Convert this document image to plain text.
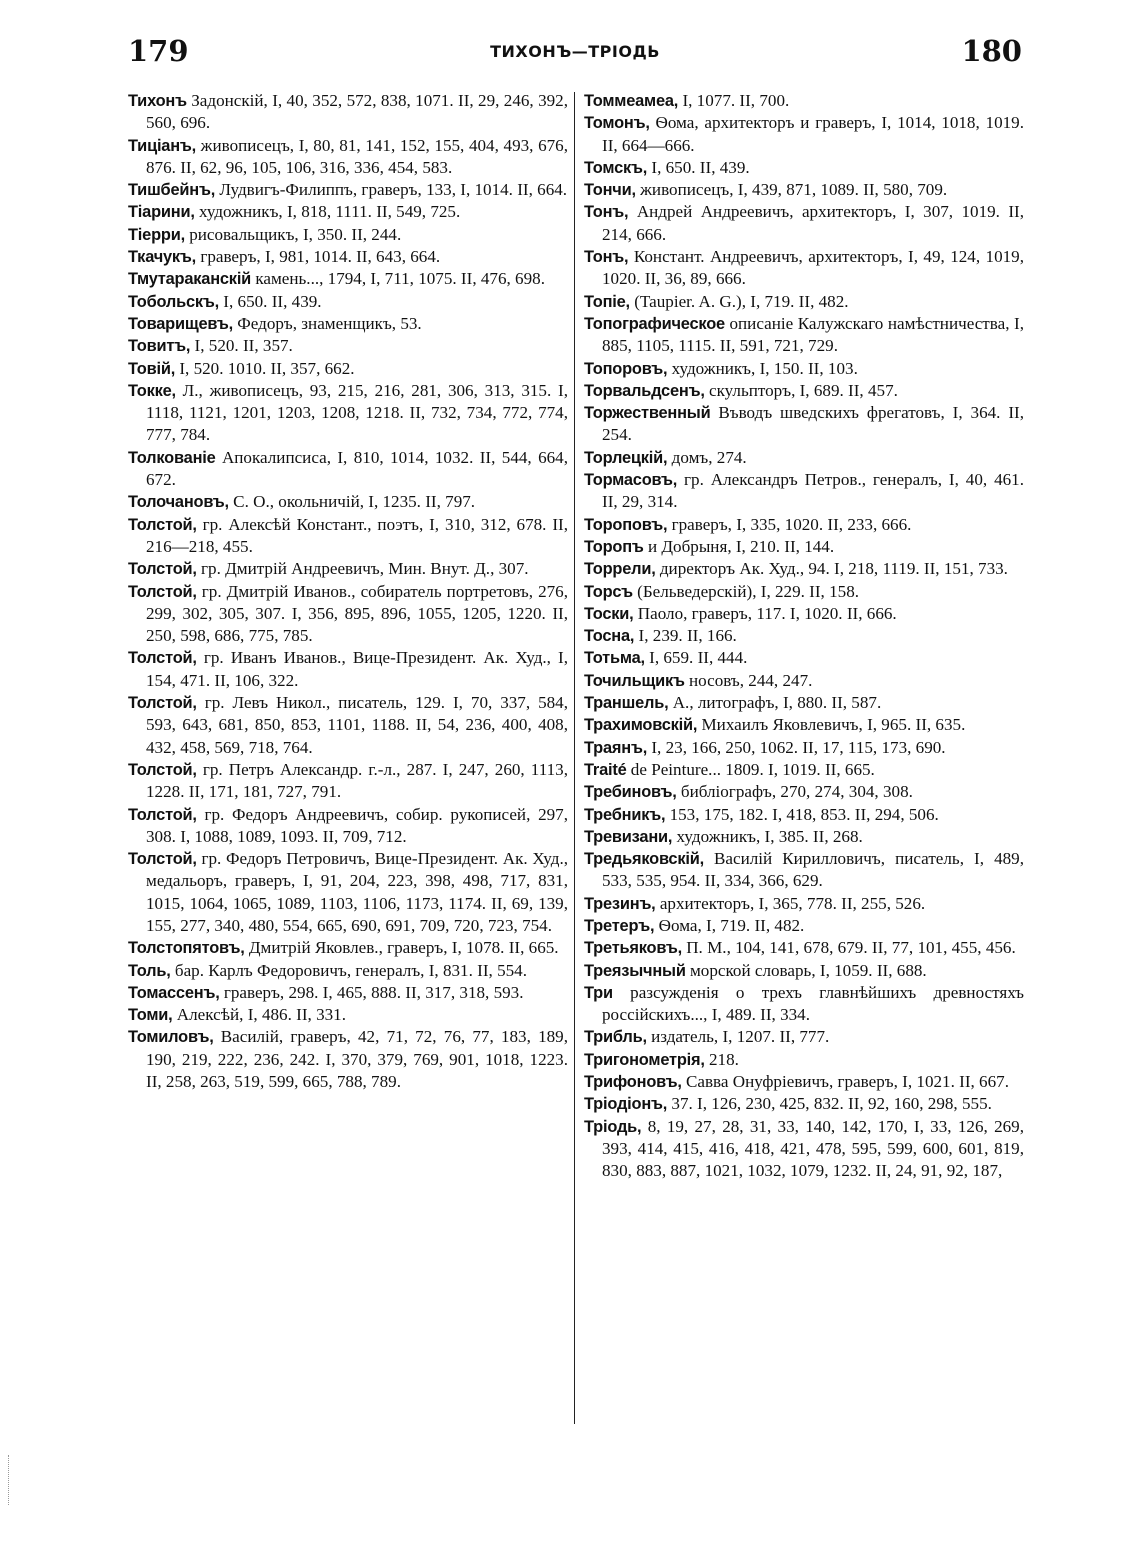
179	ТИХОНЪ—ТРІОДЬ	180
Тихонъ Задонскій, I, 40, 352, 572, 838, 1071. II, 29, 246, 392, 560, 696.
Тиціанъ, живописецъ, I, 80, 81, 141, 152, 155, 404, 493, 676, 876. II, 62, 96, 105, 106, 316, 336, 454, 583.
Тишбейнъ, Лудвигъ-Филиппъ, граверъ, 133, I, 1014. II, 664.
Тіарини, художникъ, I, 818, 1111. II, 549, 725.
Тіерри, рисовальщикъ, I, 350. II, 244.
Ткачукъ, граверъ, I, 981, 1014. II, 643, 664.
Тмутараканскій камень..., 1794, I, 711, 1075. II, 476, 698.
Тобольскъ, I, 650. II, 439.
Товарищевъ, Федоръ, знаменщикъ, 53.
Товитъ, I, 520. II, 357.
Товій, I, 520. 1010. II, 357, 662.
Токке, Л., живописецъ, 93, 215, 216, 281, 306, 313, 315. I, 1118, 1121, 1201, 1203, 1208, 1218. II, 732, 734, 772, 774, 777, 784.
Толкованіе Апокалипсиса, I, 810, 1014, 1032. II, 544, 664, 672.
Толочановъ, С. О., окольничій, I, 1235. II, 797.
Толстой, гр. Алексѣй Констант., поэтъ, I, 310, 312, 678. II, 216—218, 455.
Толстой, гр. Дмитрій Андреевичъ, Мин. Внут. Д., 307.
Толстой, гр. Дмитрій Иванов., собиратель портретовъ, 276, 299, 302, 305, 307. I, 356, 895, 896, 1055, 1205, 1220. II, 250, 598, 686, 775, 785.
Толстой, гр. Иванъ Иванов., Вице-Президент. Ак. Худ., I, 154, 471. II, 106, 322.
Толстой, гр. Левъ Никол., писатель, 129. I, 70, 337, 584, 593, 643, 681, 850, 853, 1101, 1188. II, 54, 236, 400, 408, 432, 458, 569, 718, 764.
Толстой, гр. Петръ Александр. г.-л., 287. I, 247, 260, 1113, 1228. II, 171, 181, 727, 791.
Толстой, гр. Федоръ Андреевичъ, собир. рукописей, 297, 308. I, 1088, 1089, 1093. II, 709, 712.
Толстой, гр. Федоръ Петровичъ, Вице-Президент. Ак. Худ., медальоръ, граверъ, I, 91, 204, 223, 398, 498, 717, 831, 1015, 1064, 1065, 1089, 1103, 1106, 1173, 1174. II, 69, 139, 155, 277, 340, 480, 554, 665, 690, 691, 709, 720, 723, 754.
Толстопятовъ, Дмитрій Яковлев., граверъ, I, 1078. II, 665.
Толь, бар. Карлъ Федоровичъ, генералъ, I, 831. II, 554.
Томассенъ, граверъ, 298. I, 465, 888. II, 317, 318, 593.
Томи, Алексѣй, I, 486. II, 331.
Томиловъ, Василій, граверъ, 42, 71, 72, 76, 77, 183, 189, 190, 219, 222, 236, 242. I, 370, 379, 769, 901, 1018, 1223. II, 258, 263, 519, 599, 665, 788, 789.
Томмеамеа, I, 1077. II, 700.
Томонъ, Ѳома, архитекторъ и граверъ, I, 1014, 1018, 1019. II, 664—666.
Томскъ, I, 650. II, 439.
Тончи, живописецъ, I, 439, 871, 1089. II, 580, 709.
Тонъ, Андрей Андреевичъ, архитекторъ, I, 307, 1019. II, 214, 666.
Тонъ, Констант. Андреевичъ, архитекторъ, I, 49, 124, 1019, 1020. II, 36, 89, 666.
Топіе, (Taupier. A. G.), I, 719. II, 482.
Топографическое описаніе Калужскаго намѣстничества, I, 885, 1105, 1115. II, 591, 721, 729.
Топоровъ, художникъ, I, 150. II, 103.
Торвальдсенъ, скульпторъ, I, 689. II, 457.
Торжественный Въводъ шведскихъ фрегатовъ, I, 364. II, 254.
Торлецкій, домъ, 274.
Тормасовъ, гр. Александръ Петров., генералъ, I, 40, 461. II, 29, 314.
Тороповъ, граверъ, I, 335, 1020. II, 233, 666.
Торопъ и Добрыня, I, 210. II, 144.
Торрели, директоръ Ак. Худ., 94. I, 218, 1119. II, 151, 733.
Торсъ (Бельведерскій), I, 229. II, 158.
Тоски, Паоло, граверъ, 117. I, 1020. II, 666.
Тосна, I, 239. II, 166.
Тотьма, I, 659. II, 444.
Точильщикъ носовъ, 244, 247.
Траншель, А., литографъ, I, 880. II, 587.
Трахимовскій, Михаилъ Яковлевичъ, I, 965. II, 635.
Траянъ, I, 23, 166, 250, 1062. II, 17, 115, 173, 690.
Traité de Peinture... 1809. I, 1019. II, 665.
Требиновъ, библіографъ, 270, 274, 304, 308.
Требникъ, 153, 175, 182. I, 418, 853. II, 294, 506.
Тревизани, художникъ, I, 385. II, 268.
Тредьяковскій, Василій Кирилловичъ, писатель, I, 489, 533, 535, 954. II, 334, 366, 629.
Трезинъ, архитекторъ, I, 365, 778. II, 255, 526.
Третеръ, Ѳома, I, 719. II, 482.
Третьяковъ, П. М., 104, 141, 678, 679. II, 77, 101, 455, 456.
Треязычный морской словарь, I, 1059. II, 688.
Три разсужденія о трехъ главнѣйшихъ древностяхъ россійскихъ..., I, 489. II, 334.
Трибль, издатель, I, 1207. II, 777.
Тригонометрія, 218.
Трифоновъ, Савва Онуфріевичъ, граверъ, I, 1021. II, 667.
Тріодіонъ, 37. I, 126, 230, 425, 832. II, 92, 160, 298, 555.
Тріодь, 8, 19, 27, 28, 31, 33, 140, 142, 170, I, 33, 126, 269, 393, 414, 415, 416, 418, 421, 478, 595, 599, 600, 601, 819, 830, 883, 887, 1021, 1032, 1079, 1232. II, 24, 91, 92, 187,
